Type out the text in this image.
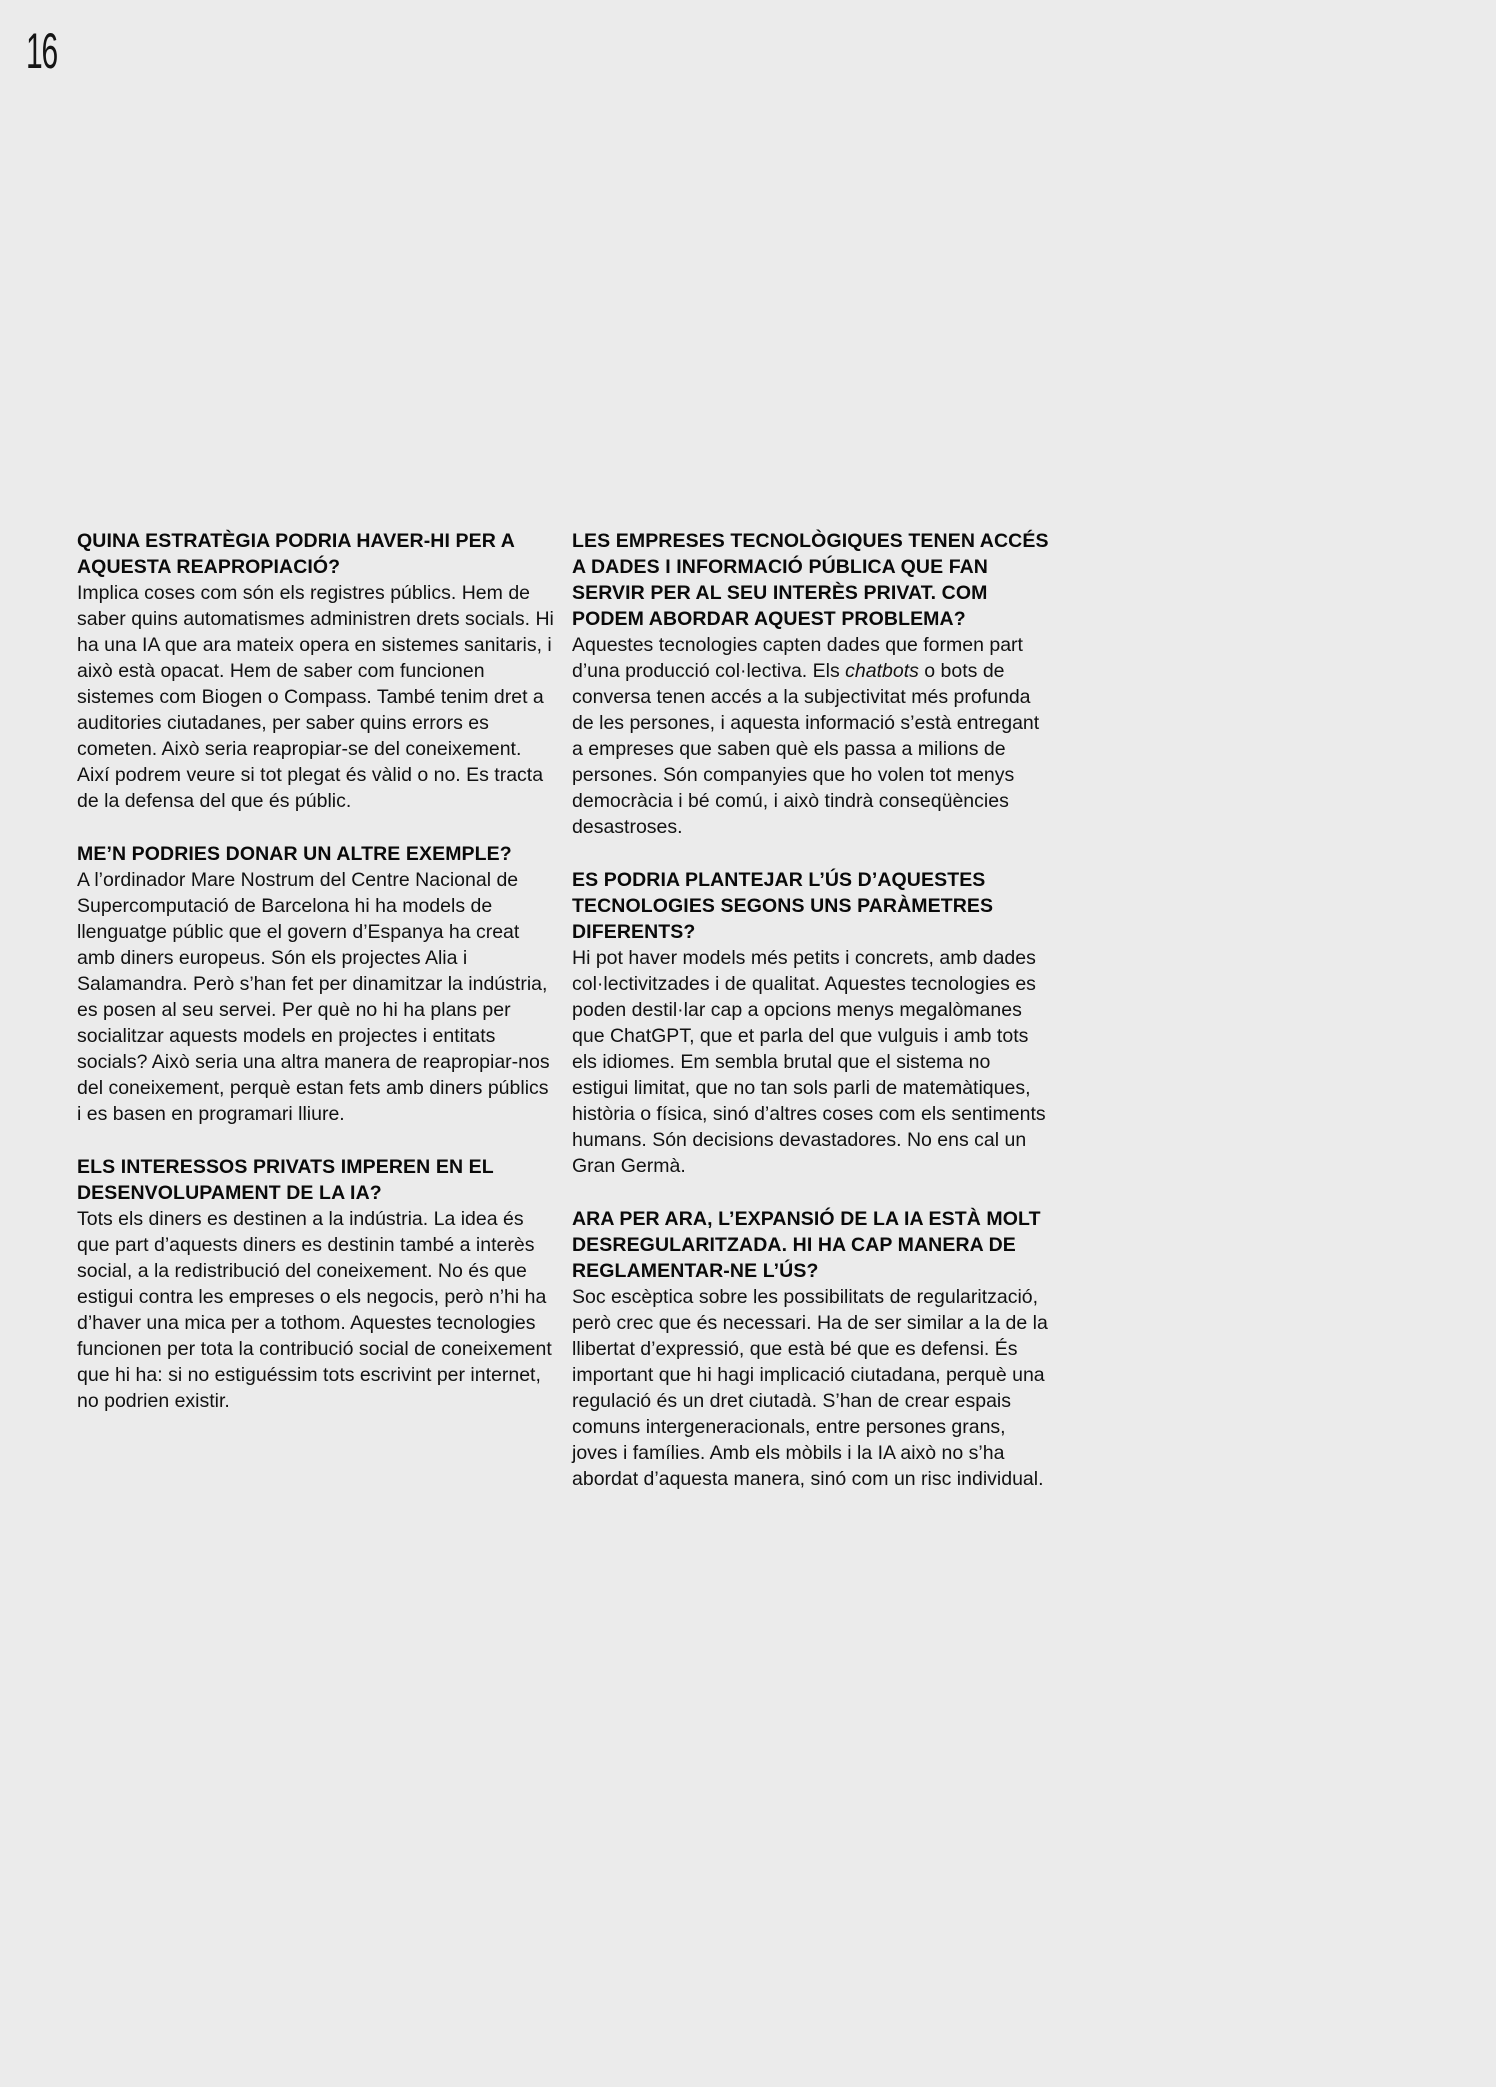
16
QUINA ESTRATÈGIA PODRIA HAVER-HI PER A AQUESTA REAPROPIACIÓ?

Implica coses com són els registres públics. Hem de saber quins automatismes administren drets socials. Hi ha una IA que ara mateix opera en sistemes sanitaris, i això està opacat. Hem de saber com funcionen sistemes com Biogen o Compass. També tenim dret a auditories ciutadanes, per saber quins errors es cometen. Això seria reapropiar-se del coneixement. Així podrem veure si tot plegat és vàlid o no. Es tracta de la defensa del que és públic.

ME’N PODRIES DONAR UN ALTRE EXEMPLE?

A l’ordinador Mare Nostrum del Centre Nacional de Supercomputació de Barcelona hi ha models de llenguatge públic que el govern d’Espanya ha creat amb diners europeus. Són els projectes Alia i Salamandra. Però s’han fet per dinamitzar la indústria, es posen al seu servei. Per què no hi ha plans per socialitzar aquests models en projectes i entitats socials? Això seria una altra manera de reapropiar-nos del coneixement, perquè estan fets amb diners públics i es basen en programari lliure.

ELS INTERESSOS PRIVATS IMPEREN EN EL DESENVOLUPAMENT DE LA IA?

Tots els diners es destinen a la indústria. La idea és que part d’aquests diners es destinin també a interès social, a la redistribució del coneixement. No és que estigui contra les empreses o els negocis, però n’hi ha d’haver una mica per a tothom. Aquestes tecnologies funcionen per tota la contribució social de coneixement que hi ha: si no estiguéssim tots escrivint per internet, no podrien existir.

LES EMPRESES TECNOLÒGIQUES TENEN ACCÉS A DADES I INFORMACIÓ PÚBLICA QUE FAN SERVIR PER AL SEU INTERÈS PRIVAT. COM PODEM ABORDAR AQUEST PROBLEMA?

Aquestes tecnologies capten dades que formen part d’una producció col·lectiva. Els chatbots o bots de conversa tenen accés a la subjectivitat més profunda de les persones, i aquesta informació s’està entregant a empreses que saben què els passa a milions de persones. Són companyies que ho volen tot menys democràcia i bé comú, i això tindrà conseqüències desastroses.

ES PODRIA PLANTEJAR L’ÚS D’AQUESTES TECNOLOGIES SEGONS UNS PARÀMETRES DIFERENTS?

Hi pot haver models més petits i concrets, amb dades col·lectivitzades i de qualitat. Aquestes tecnologies es poden destil·lar cap a opcions menys megalòmanes que ChatGPT, que et parla del que vulguis i amb tots els idiomes. Em sembla brutal que el sistema no estigui limitat, que no tan sols parli de matemàtiques, història o física, sinó d’altres coses com els sentiments humans. Són decisions devastadores. No ens cal un Gran Germà.

ARA PER ARA, L’EXPANSIÓ DE LA IA ESTÀ MOLT DESREGULARITZADA. HI HA CAP MANERA DE REGLAMENTAR-NE L’ÚS?

Soc escèptica sobre les possibilitats de regularització, però crec que és necessari. Ha de ser similar a la de la llibertat d’expressió, que està bé que es defensi. És important que hi hagi implicació ciutadana, perquè una regulació és un dret ciutadà. S’han de crear espais comuns intergeneracionals, entre persones grans, joves i famílies. Amb els mòbils i la IA això no s’ha abordat d’aquesta manera, sinó com un risc individual.
